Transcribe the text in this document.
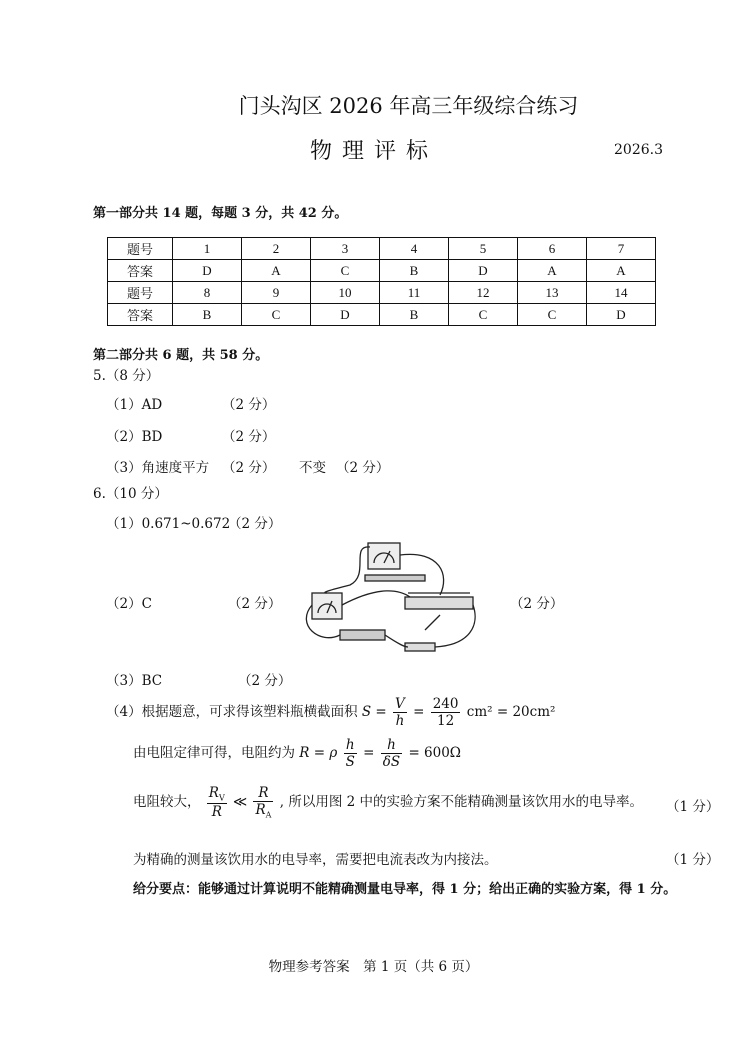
门头沟区 2026 年高三年级综合练习
物理评标	2026.3
第一部分共 14 题，每题 3 分，共 42 分。
题号	1	2	3	4	5	6	7
答案	D	A	C	B	D	A	A
题号	8	9	10	11	12	13	14
答案	B	C	D	B	C	C	D
第二部分共 6 题，共 58 分。
5.（8 分）
（1）AD	（2 分）
（2）BD	（2 分）
（3）角速度平方 （2 分） 不变 （2 分）
6.（10 分）
（1）0.671~0.672
（2 分）
（2）C	（2 分）	（2 分）
（3）BC	（2 分）
（4）根据题意，可求得该塑料瓶横截面积 $S = \frac{V}{h} = \frac{240}{12} cm^2 = 20cm^2$
由电阻定律可得，电阻约为 R = ρ $\frac{h}{S} = \frac{h}{\delta S} = 600\Omega$
电阻较大， $\frac{R_V}{R}$ ≪ $\frac{R}{R_A}$ , 所以用图 2 中的实验方案不能精确测量该饮用水的电导率。 （1 分）
为精确的测量该饮用水的电导率，需要把电流表改为内接法。	（1 分）
给分要点：能够通过计算说明不能精确测量电导率，得 1 分；给出正确的实验方案，得 1 分。
物理参考答案　第 1 页（共 6 页）
